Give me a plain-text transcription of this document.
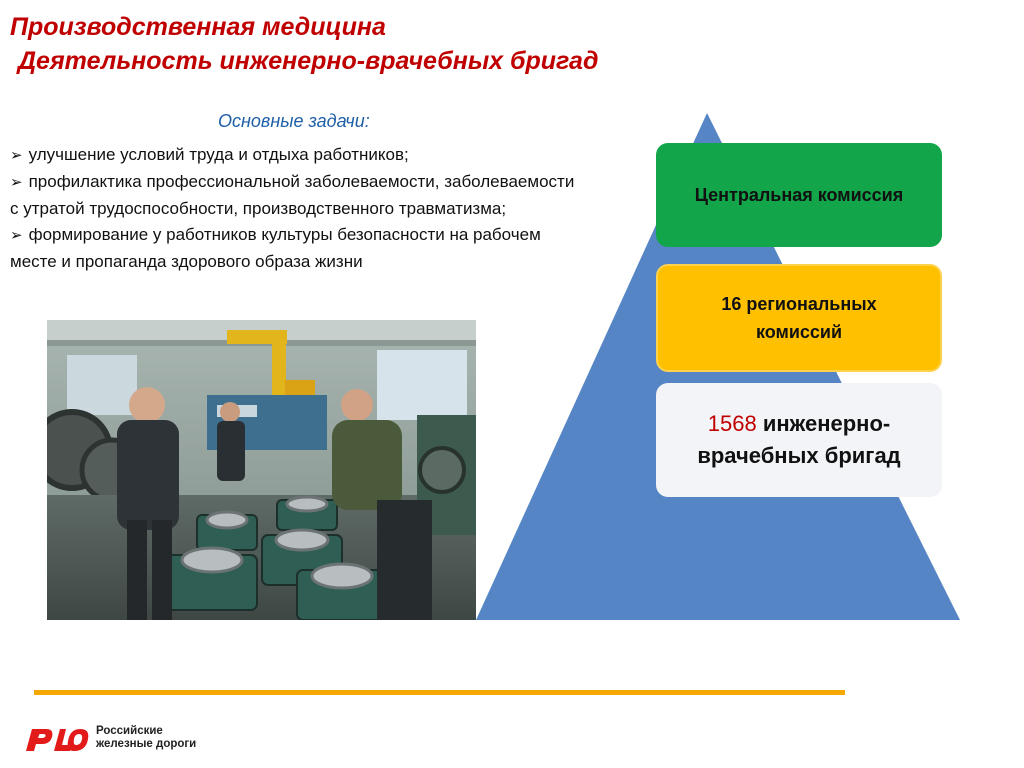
Производственная медицина
Деятельность инженерно-врачебных бригад
Основные задачи:
➢ улучшение условий труда и отдыха работников;
➢ профилактика профессиональной заболеваемости, заболеваемости с утратой трудоспособности, производственного травматизма;
➢ формирование у работников культуры безопасности на рабочем месте и пропаганда здорового образа жизни
Центральная комиссия
16 региональных комиссий
1568 инженерно-врачебных бригад
Российские
железные дороги
